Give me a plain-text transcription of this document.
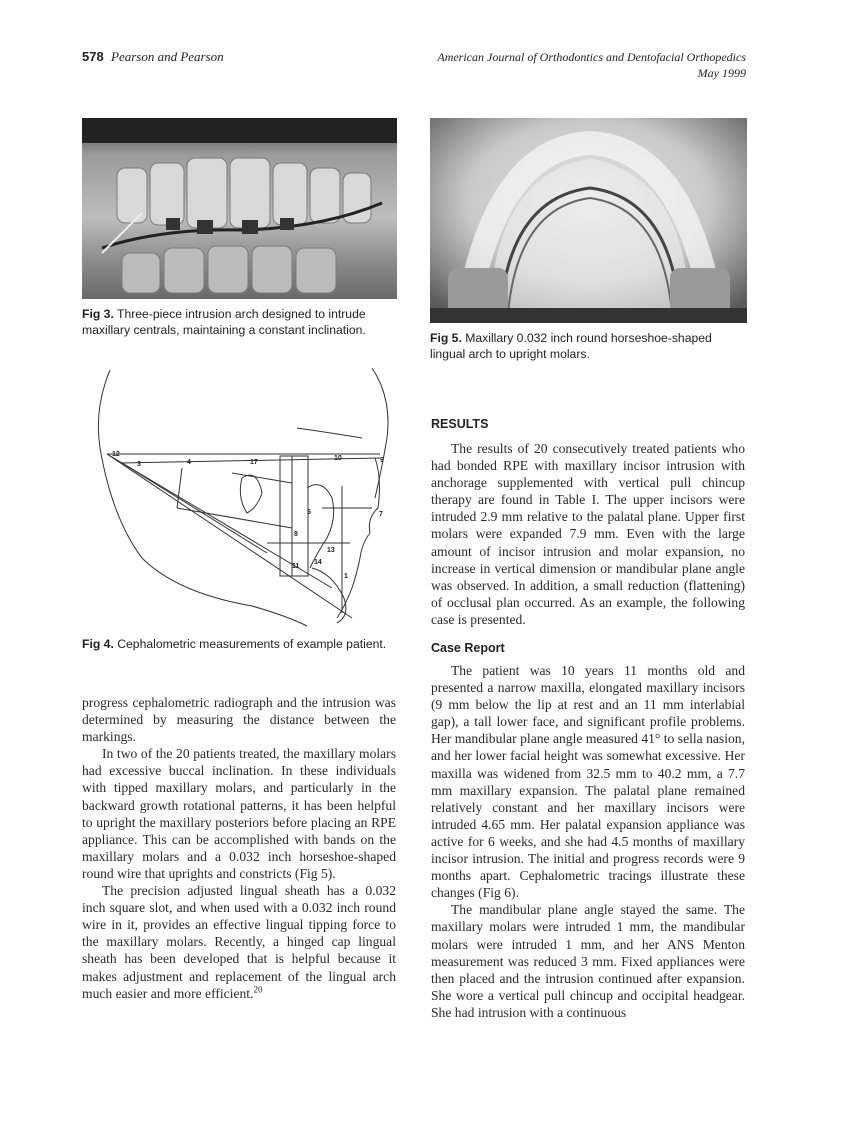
578 Pearson and Pearson	American Journal of Orthodontics and Dentofacial Orthopedics
May 1999
Fig 3. Three-piece intrusion arch designed to intrude maxillary centrals, maintaining a constant inclination.
Fig 5. Maxillary 0.032 inch round horseshoe-shaped lingual arch to upright molars.
12
3	4	17
10	9
5
8
7
13
14
11
1
Fig 4. Cephalometric measurements of example patient.

progress cephalometric radiograph and the intrusion was determined by measuring the distance between the markings.

In two of the 20 patients treated, the maxillary molars had excessive buccal inclination. In these individuals with tipped maxillary molars, and particularly in the backward growth rotational patterns, it has been helpful to upright the maxillary posteriors before placing an RPE appliance. This can be accomplished with bands on the maxillary molars and a 0.032 inch horseshoe-shaped round wire that uprights and constricts (Fig 5).

The precision adjusted lingual sheath has a 0.032 inch square slot, and when used with a 0.032 inch round wire in it, provides an effective lingual tipping force to the maxillary molars. Recently, a hinged cap lingual sheath has been developed that is helpful because it makes adjustment and replacement of the lingual arch much easier and more efficient.$^{20}$

RESULTS

The results of 20 consecutively treated patients who had bonded RPE with maxillary incisor intrusion with anchorage supplemented with vertical pull chincup therapy are found in Table I. The upper incisors were intruded 2.9 mm relative to the palatal plane. Upper first molars were expanded 7.9 mm. Even with the large amount of incisor intrusion and molar expansion, no increase in vertical dimension or mandibular plane angle was observed. In addition, a small reduction (flattening) of occlusal plan occurred. As an example, the following case is presented.

Case Report

The patient was 10 years 11 months old and presented a narrow maxilla, elongated maxillary incisors (9 mm below the lip at rest and an 11 mm interlabial gap), a tall lower face, and significant profile problems. Her mandibular plane angle measured 41° to sella nasion, and her lower facial height was somewhat excessive. Her maxilla was widened from 32.5 mm to 40.2 mm, a 7.7 mm maxillary expansion. The palatal plane remained relatively constant and her maxillary incisors were intruded 4.65 mm. Her palatal expansion appliance was active for 6 weeks, and she had 4.5 months of maxillary incisor intrusion. The initial and progress records were 9 months apart. Cephalometric tracings illustrate these changes (Fig 6).

The mandibular plane angle stayed the same. The maxillary molars were intruded 1 mm, the mandibular molars were intruded 1 mm, and her ANS Menton measurement was reduced 3 mm. Fixed appliances were then placed and the intrusion continued after expansion. She wore a vertical pull chincup and occipital headgear. She had intrusion with a continuous
